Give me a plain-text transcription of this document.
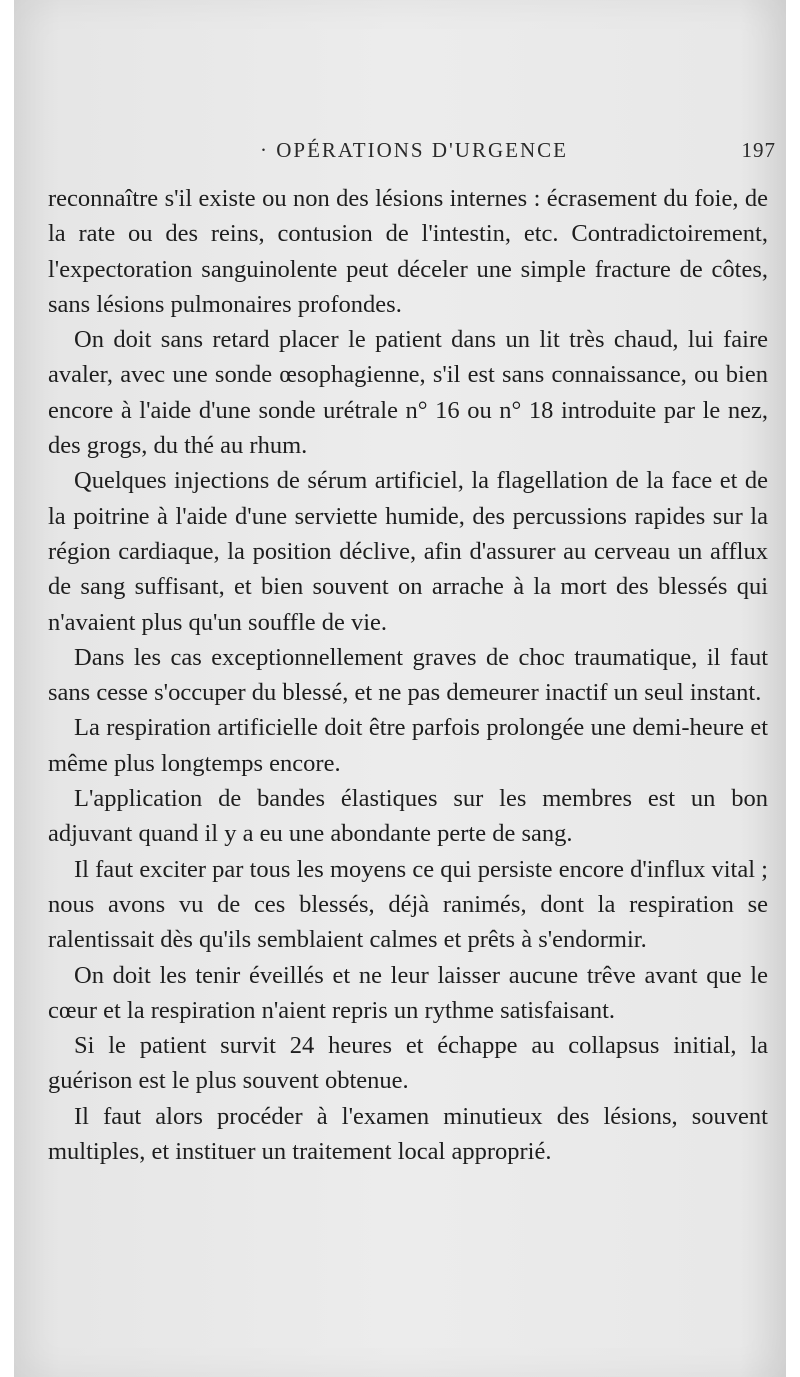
· OPÉRATIONS D'URGENCE	197

reconnaître s'il existe ou non des lésions internes : écrasement du foie, de la rate ou des reins, contusion de l'intestin, etc. Contradictoirement, l'expectoration sanguinolente peut déceler une simple fracture de côtes, sans lésions pulmonaires profondes.

On doit sans retard placer le patient dans un lit très chaud, lui faire avaler, avec une sonde œsophagienne, s'il est sans connaissance, ou bien encore à l'aide d'une sonde urétrale n° 16 ou n° 18 introduite par le nez, des grogs, du thé au rhum.

Quelques injections de sérum artificiel, la flagellation de la face et de la poitrine à l'aide d'une serviette humide, des percussions rapides sur la région cardiaque, la position déclive, afin d'assurer au cerveau un afflux de sang suffisant, et bien souvent on arrache à la mort des blessés qui n'avaient plus qu'un souffle de vie.

Dans les cas exceptionnellement graves de choc traumatique, il faut sans cesse s'occuper du blessé, et ne pas demeurer inactif un seul instant.

La respiration artificielle doit être parfois prolongée une demi-heure et même plus longtemps encore.

L'application de bandes élastiques sur les membres est un bon adjuvant quand il y a eu une abondante perte de sang.

Il faut exciter par tous les moyens ce qui persiste encore d'influx vital ; nous avons vu de ces blessés, déjà ranimés, dont la respiration se ralentissait dès qu'ils semblaient calmes et prêts à s'endormir.

On doit les tenir éveillés et ne leur laisser aucune trêve avant que le cœur et la respiration n'aient repris un rythme satisfaisant.

Si le patient survit 24 heures et échappe au collapsus initial, la guérison est le plus souvent obtenue.

Il faut alors procéder à l'examen minutieux des lésions, souvent multiples, et instituer un traitement local approprié.
